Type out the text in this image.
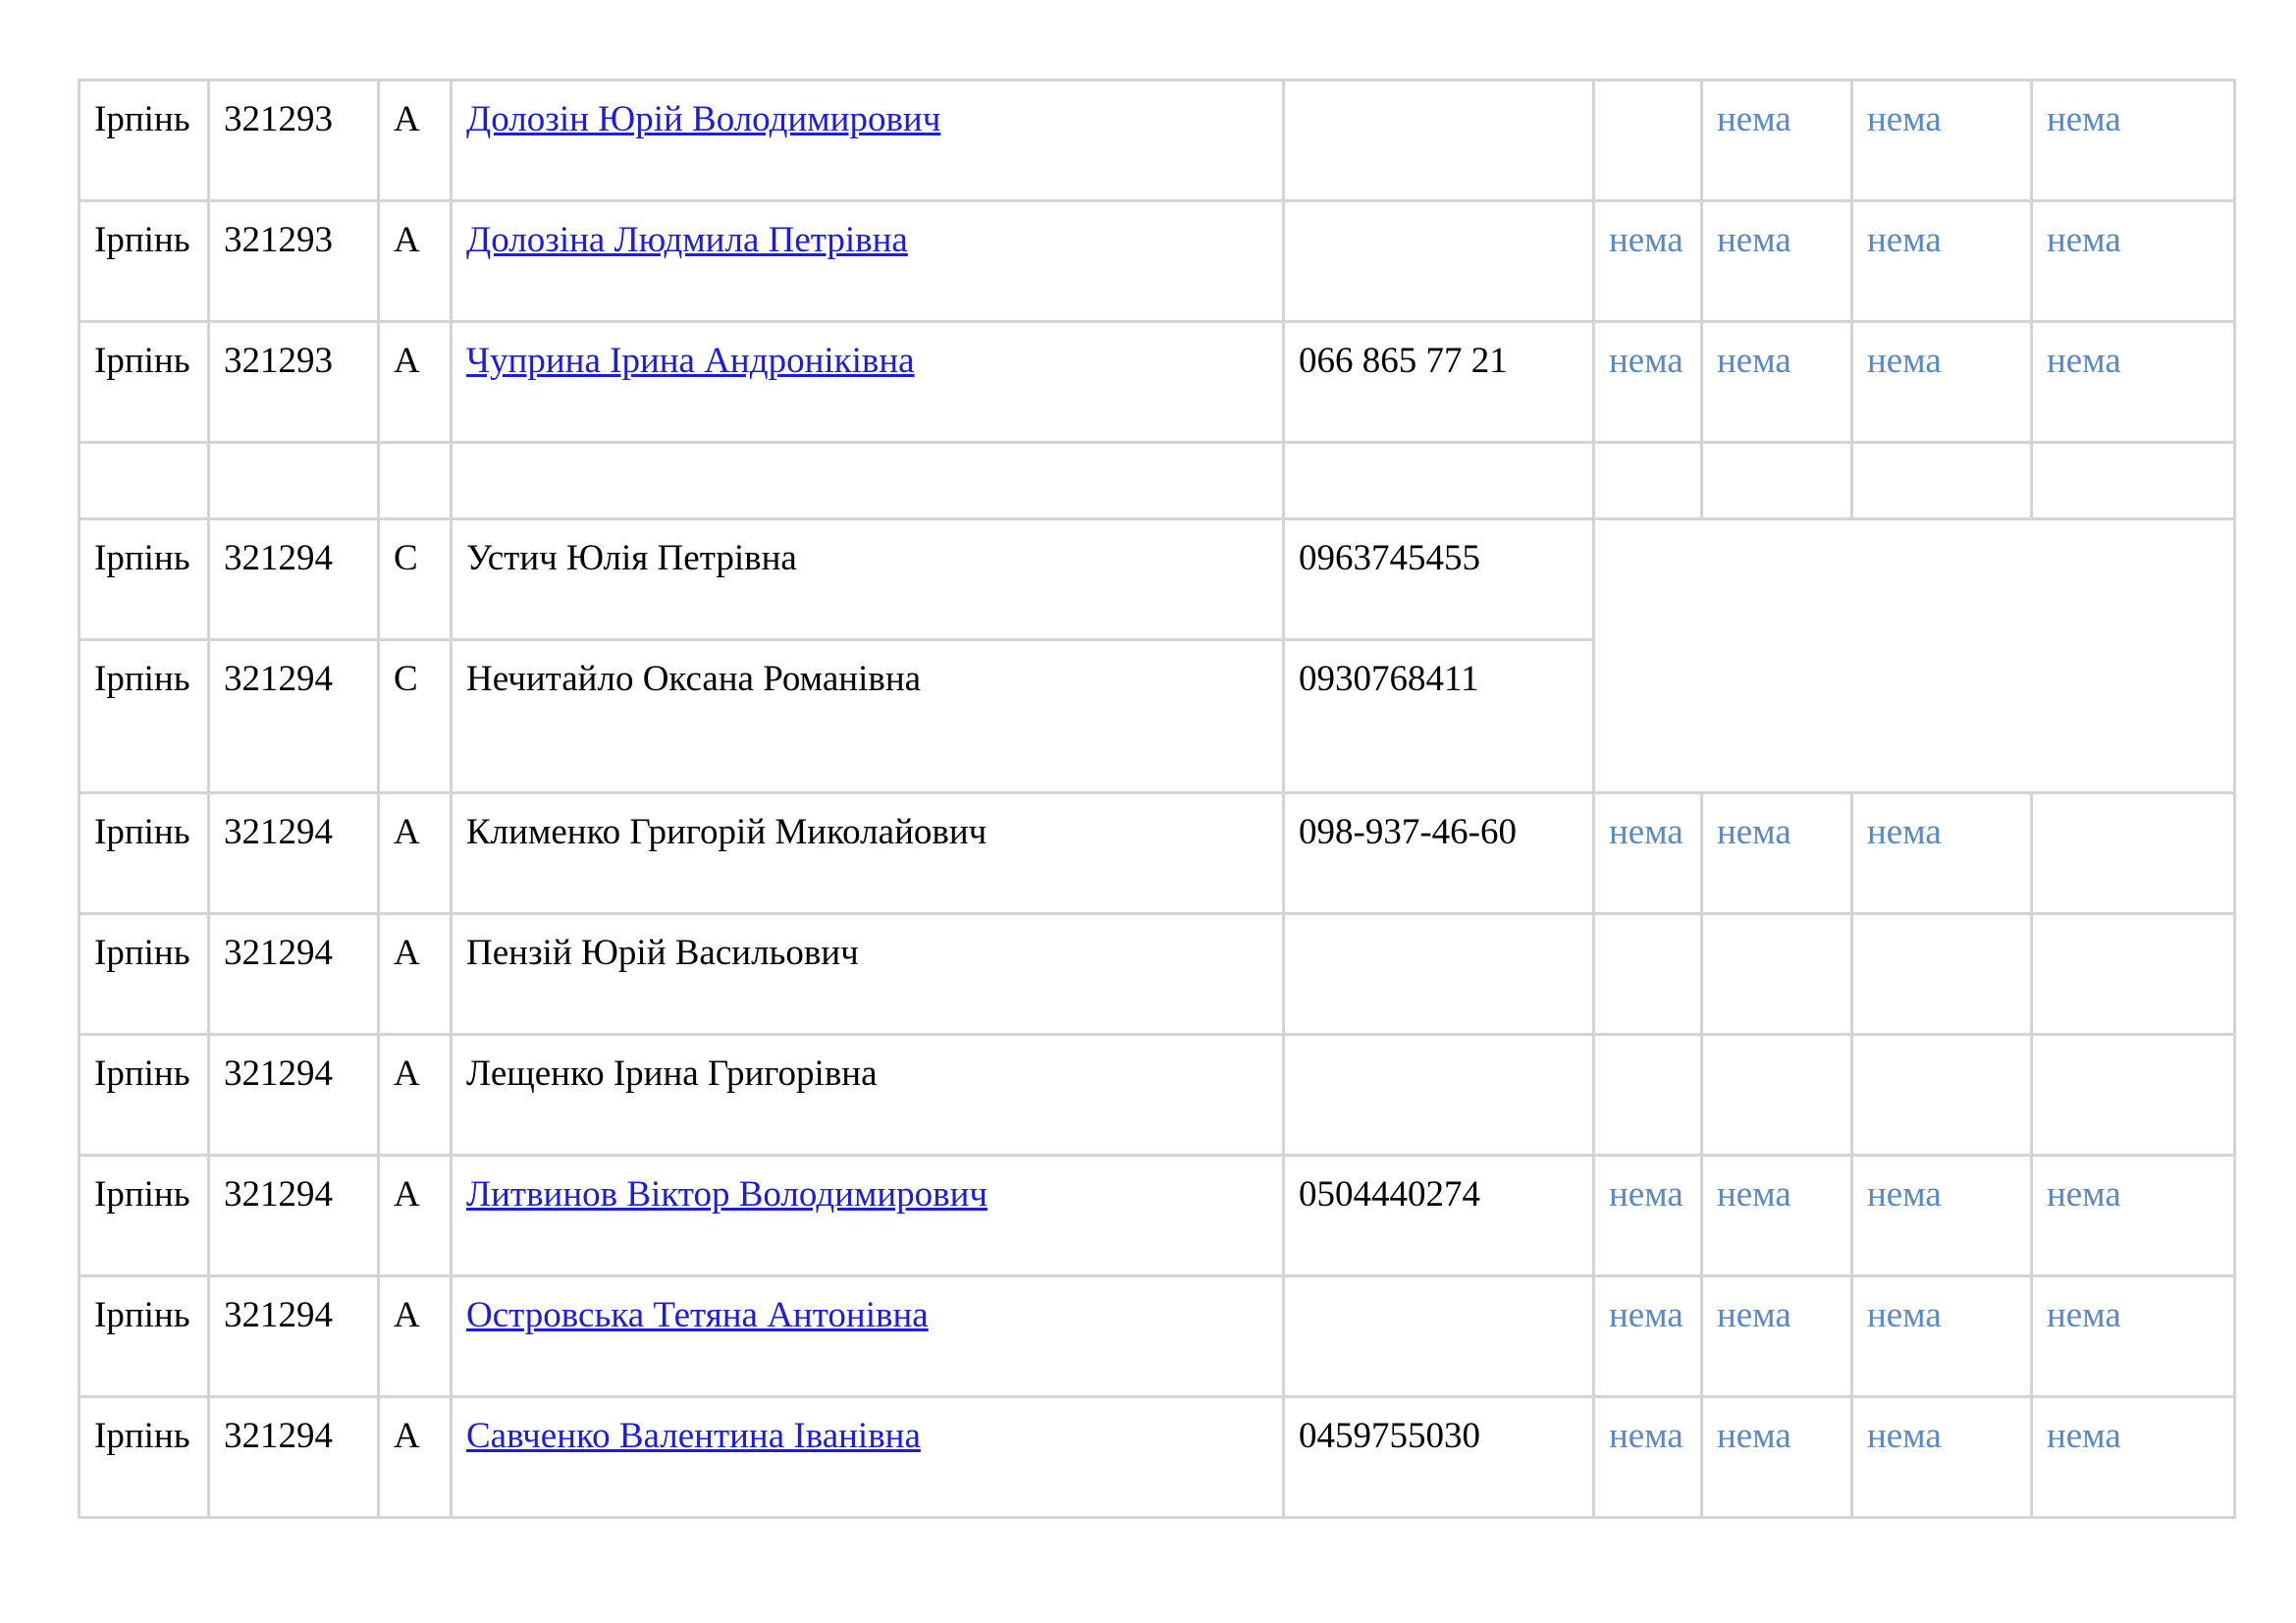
Ірпінь	321293	А	Долозін Юрій Володимирович			нема	нема	нема
Ірпінь	321293	А	Долозіна Людмила Петрівна		нема	нема	нема	нема
Ірпінь	321293	А	Чуприна Ірина Андроніківна	066 865 77 21	нема	нема	нема	нема

Ірпінь	321294	С	Устич Юлія Петрівна	0963745455				
Ірпінь	321294	С	Нечитайло Оксана Романівна	0930768411				
Ірпінь	321294	А	Клименко Григорій Миколайович	098-937-46-60	нема	нема	нема	
Ірпінь	321294	А	Пензій Юрій Васильович					
Ірпінь	321294	А	Лещенко Ірина Григорівна					
Ірпінь	321294	А	Литвинов Віктор Володимирович	0504440274	нема	нема	нема	нема
Ірпінь	321294	А	Островська Тетяна Антонівна		нема	нема	нема	нема
Ірпінь	321294	А	Савченко Валентина Іванівна	0459755030	нема	нема	нема	нема
